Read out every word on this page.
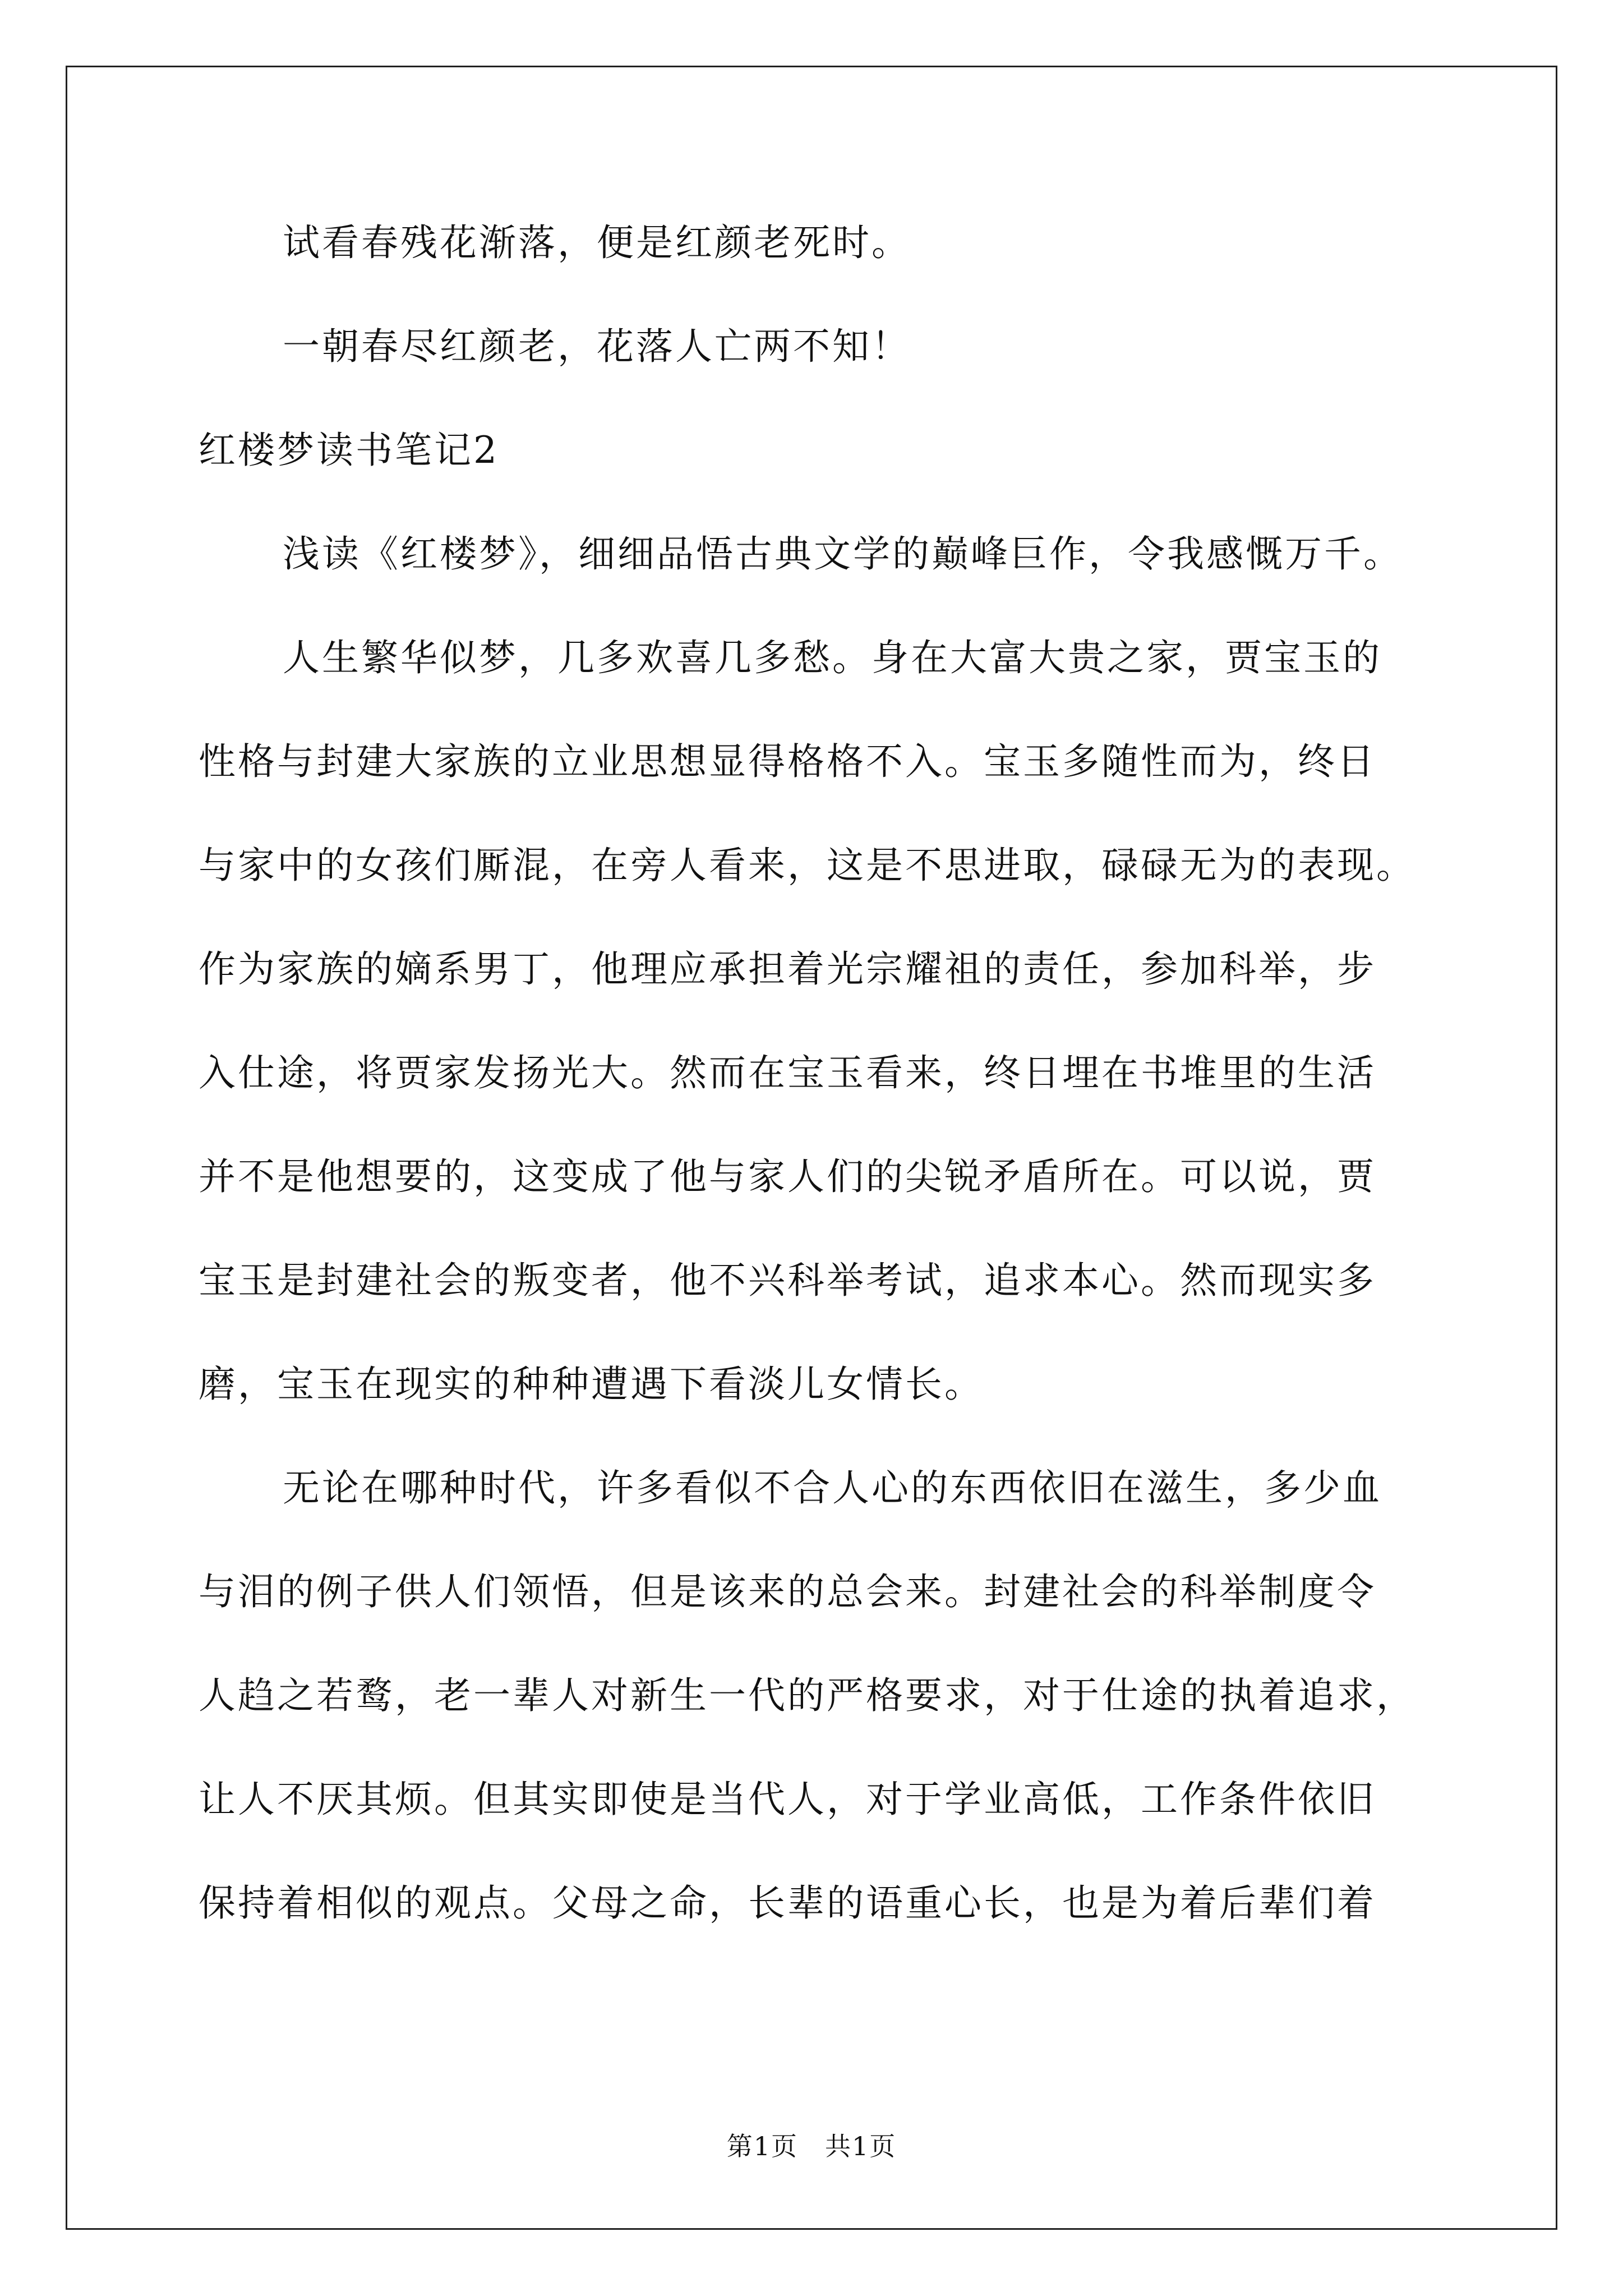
试看春残花渐落，便是红颜老死时。
一朝春尽红颜老，花落人亡两不知！
红楼梦读书笔记2
浅读《红楼梦》，细细品悟古典文学的巅峰巨作，令我感慨万千。
人生繁华似梦，几多欢喜几多愁。身在大富大贵之家，贾宝玉的
性格与封建大家族的立业思想显得格格不入。宝玉多随性而为，终日
与家中的女孩们厮混，在旁人看来，这是不思进取，碌碌无为的表现。
作为家族的嫡系男丁，他理应承担着光宗耀祖的责任，参加科举，步
入仕途，将贾家发扬光大。然而在宝玉看来，终日埋在书堆里的生活
并不是他想要的，这变成了他与家人们的尖锐矛盾所在。可以说，贾
宝玉是封建社会的叛变者，他不兴科举考试，追求本心。然而现实多
磨，宝玉在现实的种种遭遇下看淡儿女情长。
无论在哪种时代，许多看似不合人心的东西依旧在滋生，多少血
与泪的例子供人们领悟，但是该来的总会来。封建社会的科举制度令
人趋之若鹜，老一辈人对新生一代的严格要求，对于仕途的执着追求，
让人不厌其烦。但其实即使是当代人，对于学业高低，工作条件依旧
保持着相似的观点。父母之命，长辈的语重心长，也是为着后辈们着
第1页　共1页
